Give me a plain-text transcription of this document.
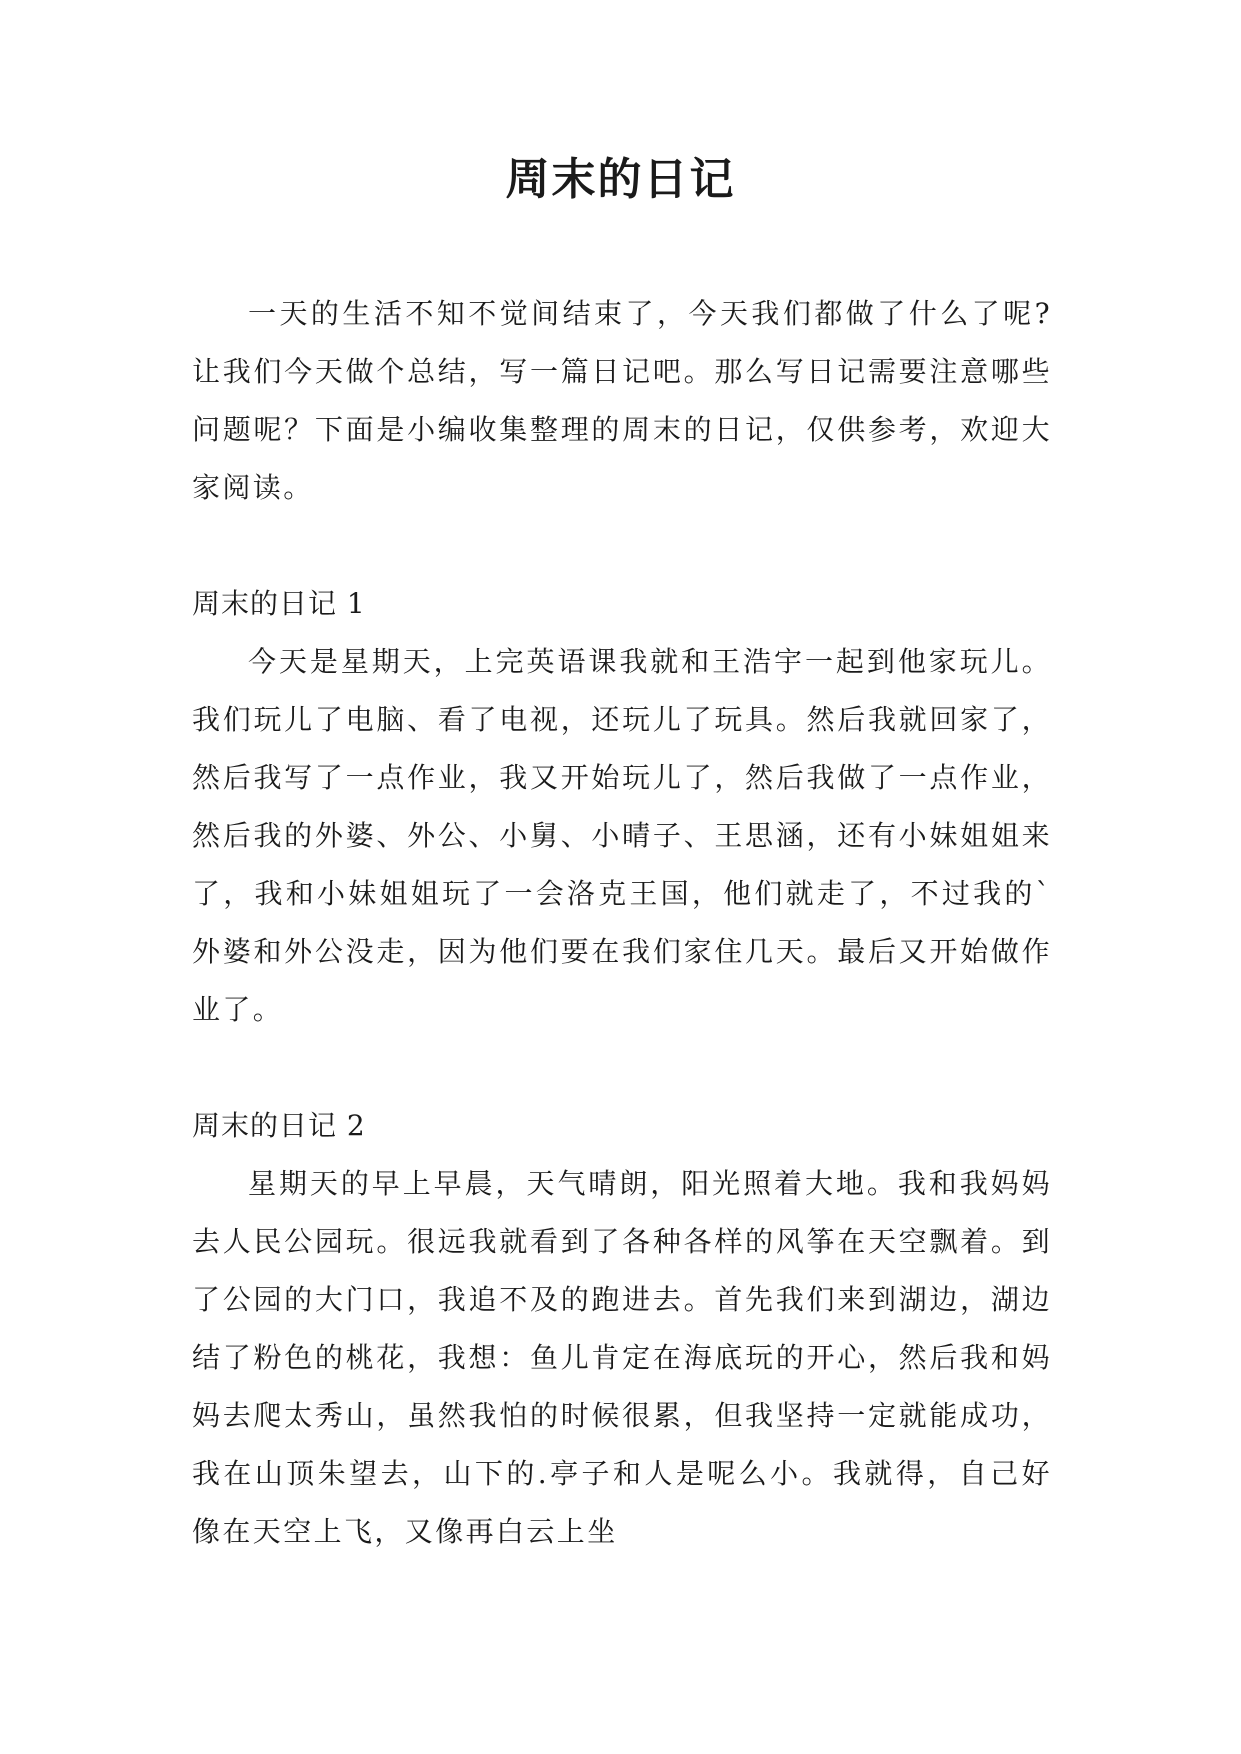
周末的日记

一天的生活不知不觉间结束了，今天我们都做了什么了呢?让我们今天做个总结，写一篇日记吧。那么写日记需要注意哪些问题呢？下面是小编收集整理的周末的日记，仅供参考，欢迎大家阅读。

周末的日记 1

今天是星期天，上完英语课我就和王浩宇一起到他家玩儿。我们玩儿了电脑、看了电视，还玩儿了玩具。然后我就回家了，然后我写了一点作业，我又开始玩儿了，然后我做了一点作业，然后我的外婆、外公、小舅、小晴子、王思涵，还有小妹姐姐来了，我和小妹姐姐玩了一会洛克王国，他们就走了，不过我的`外婆和外公没走，因为他们要在我们家住几天。最后又开始做作业了。

周末的日记 2

星期天的早上早晨，天气晴朗，阳光照着大地。我和我妈妈去人民公园玩。很远我就看到了各种各样的风筝在天空飘着。到了公园的大门口，我追不及的跑进去。首先我们来到湖边，湖边结了粉色的桃花，我想：鱼儿肯定在海底玩的开心，然后我和妈妈去爬太秀山，虽然我怕的时候很累，但我坚持一定就能成功，我在山顶朱望去，山下的.亭子和人是呢么小。我就得，自己好像在天空上飞，又像再白云上坐
